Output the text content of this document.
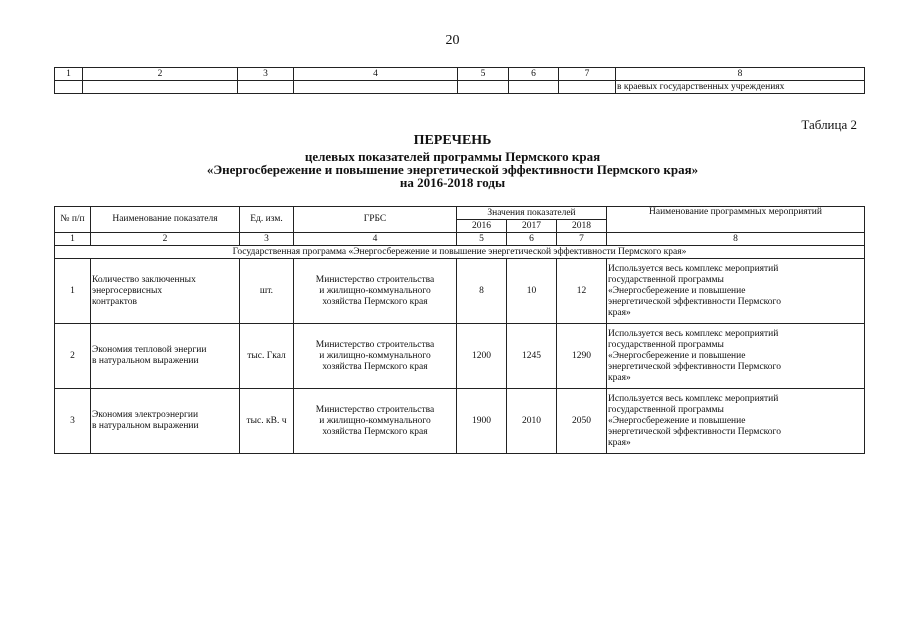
20
1	2	3	4	5	6	7	8
							в краевых государственных учреждениях
Таблица 2
ПЕРЕЧЕНЬ
целевых показателей программы Пермского края
«Энергосбережение и повышение энергетической эффективности Пермского края»
на 2016-2018 годы
№ п/п	Наименование показателя	Ед. изм.	ГРБС	Значения показателей			Наименование программных мероприятий
				2016	2017	2018	
1	2	3	4	5	6	7	8
Государственная программа «Энергосбережение и повышение энергетической эффективности Пермского края»							
1	Количество заключенных
энергосервисных
контрактов	шт.	Министерство строительства
и жилищно-коммунального
хозяйства Пермского края	8	10	12	Используется весь комплекс мероприятий
государственной программы
«Энергосбережение и повышение
энергетической эффективности Пермского
края»
2	Экономия тепловой энергии
в натуральном выражении	тыс. Гкал	Министерство строительства
и жилищно-коммунального
хозяйства Пермского края	1200	1245	1290	Используется весь комплекс мероприятий
государственной программы
«Энергосбережение и повышение
энергетической эффективности Пермского
края»
3	Экономия электроэнергии
в натуральном выражении	тыс. кВ. ч	Министерство строительства
и жилищно-коммунального
хозяйства Пермского края	1900	2010	2050	Используется весь комплекс мероприятий
государственной программы
«Энергосбережение и повышение
энергетической эффективности Пермского
края»
